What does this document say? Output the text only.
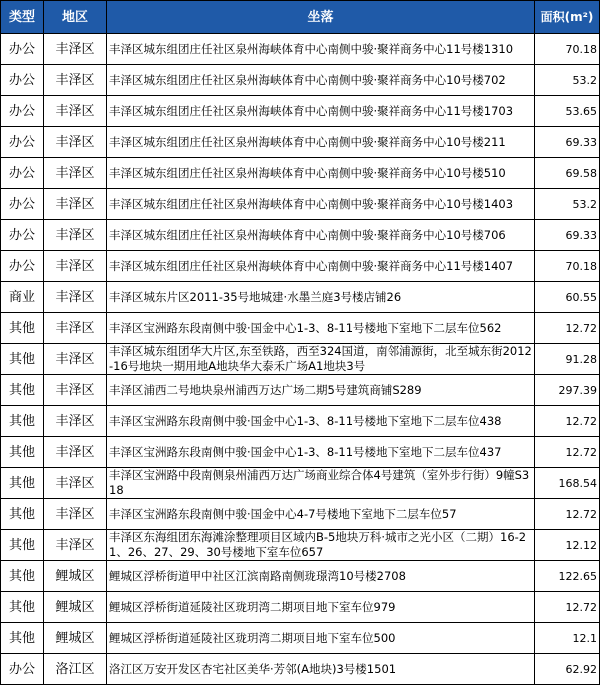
类型	地区	坐落	面积(m²)
办公	丰泽区	丰泽区城东组团庄任社区泉州海峡体育中心南侧中骏·聚祥商务中心11号楼1310	70.18
办公	丰泽区	丰泽区城东组团庄任社区泉州海峡体育中心南侧中骏·聚祥商务中心10号楼702	53.2
办公	丰泽区	丰泽区城东组团庄任社区泉州海峡体育中心南侧中骏·聚祥商务中心11号楼1703	53.65
办公	丰泽区	丰泽区城东组团庄任社区泉州海峡体育中心南侧中骏·聚祥商务中心10号楼211	69.33
办公	丰泽区	丰泽区城东组团庄任社区泉州海峡体育中心南侧中骏·聚祥商务中心10号楼510	69.58
办公	丰泽区	丰泽区城东组团庄任社区泉州海峡体育中心南侧中骏·聚祥商务中心10号楼1403	53.2
办公	丰泽区	丰泽区城东组团庄任社区泉州海峡体育中心南侧中骏·聚祥商务中心10号楼706	69.33
办公	丰泽区	丰泽区城东组团庄任社区泉州海峡体育中心南侧中骏·聚祥商务中心11号楼1407	70.18
商业	丰泽区	丰泽区城东片区2011-35号地城建·水墨兰庭3号楼店铺26	60.55
其他	丰泽区	丰泽区宝洲路东段南侧中骏·国金中心1-3、8-11号楼地下室地下二层车位562	12.72
其他	丰泽区	丰泽区城东组团华大片区,东至铁路，西至324国道，南邻浦源街，北至城东街2012-16号地块一期用地A地块华大泰禾广场A1地块3号	91.28
其他	丰泽区	丰泽区浦西二号地块泉州浦西万达广场二期5号建筑商铺S289	297.39
其他	丰泽区	丰泽区宝洲路东段南侧中骏·国金中心1-3、8-11号楼地下室地下二层车位438	12.72
其他	丰泽区	丰泽区宝洲路东段南侧中骏·国金中心1-3、8-11号楼地下室地下二层车位437	12.72
其他	丰泽区	丰泽区宝洲路中段南侧泉州浦西万达广场商业综合体4号建筑（室外步行街）9幢S318	168.54
其他	丰泽区	丰泽区宝洲路东段南侧中骏·国金中心4-7号楼地下室地下二层车位57	12.72
其他	丰泽区	丰泽区东海组团东海滩涂整理项目区域内B-5地块万科·城市之光小区（二期）16-21、26、27、29、30号楼地下室车位657	12.12
其他	鲤城区	鲤城区浮桥街道甲中社区江滨南路南侧珑璟湾10号楼2708	122.65
其他	鲤城区	鲤城区浮桥街道延陵社区珑玥湾二期项目地下室车位979	12.72
其他	鲤城区	鲤城区浮桥街道延陵社区珑玥湾二期项目地下室车位500	12.1
办公	洛江区	洛江区万安开发区杏宅社区美华·芳邻(A地块)3号楼1501	62.92
